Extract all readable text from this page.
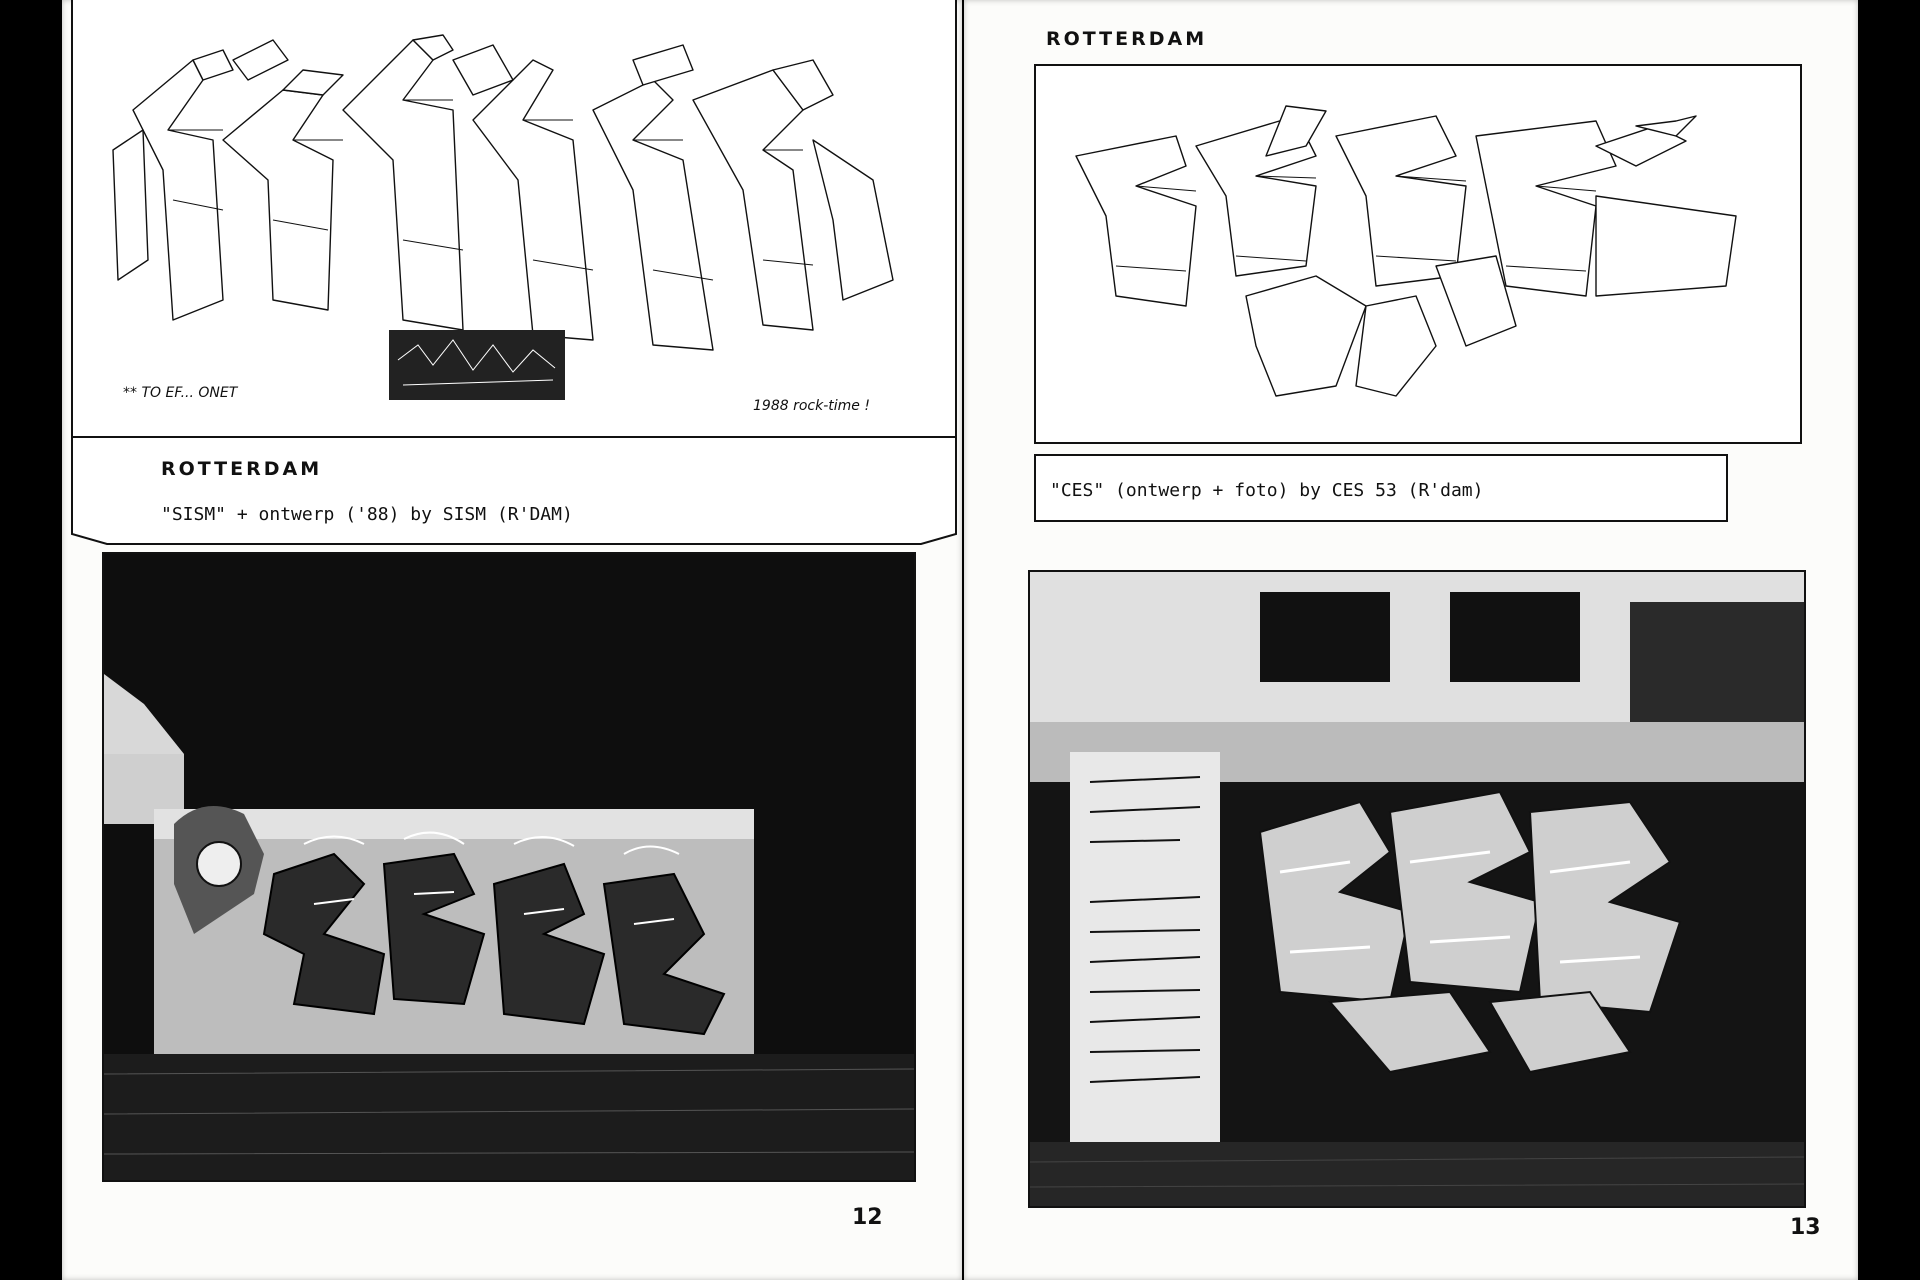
** TO EF... ONET
1988 rock-time !
ROTTERDAM
"SISM" + ontwerp ('88) by SISM (R'DAM)
12
ROTTERDAM
"CES" (ontwerp + foto) by CES 53 (R'dam)
13
